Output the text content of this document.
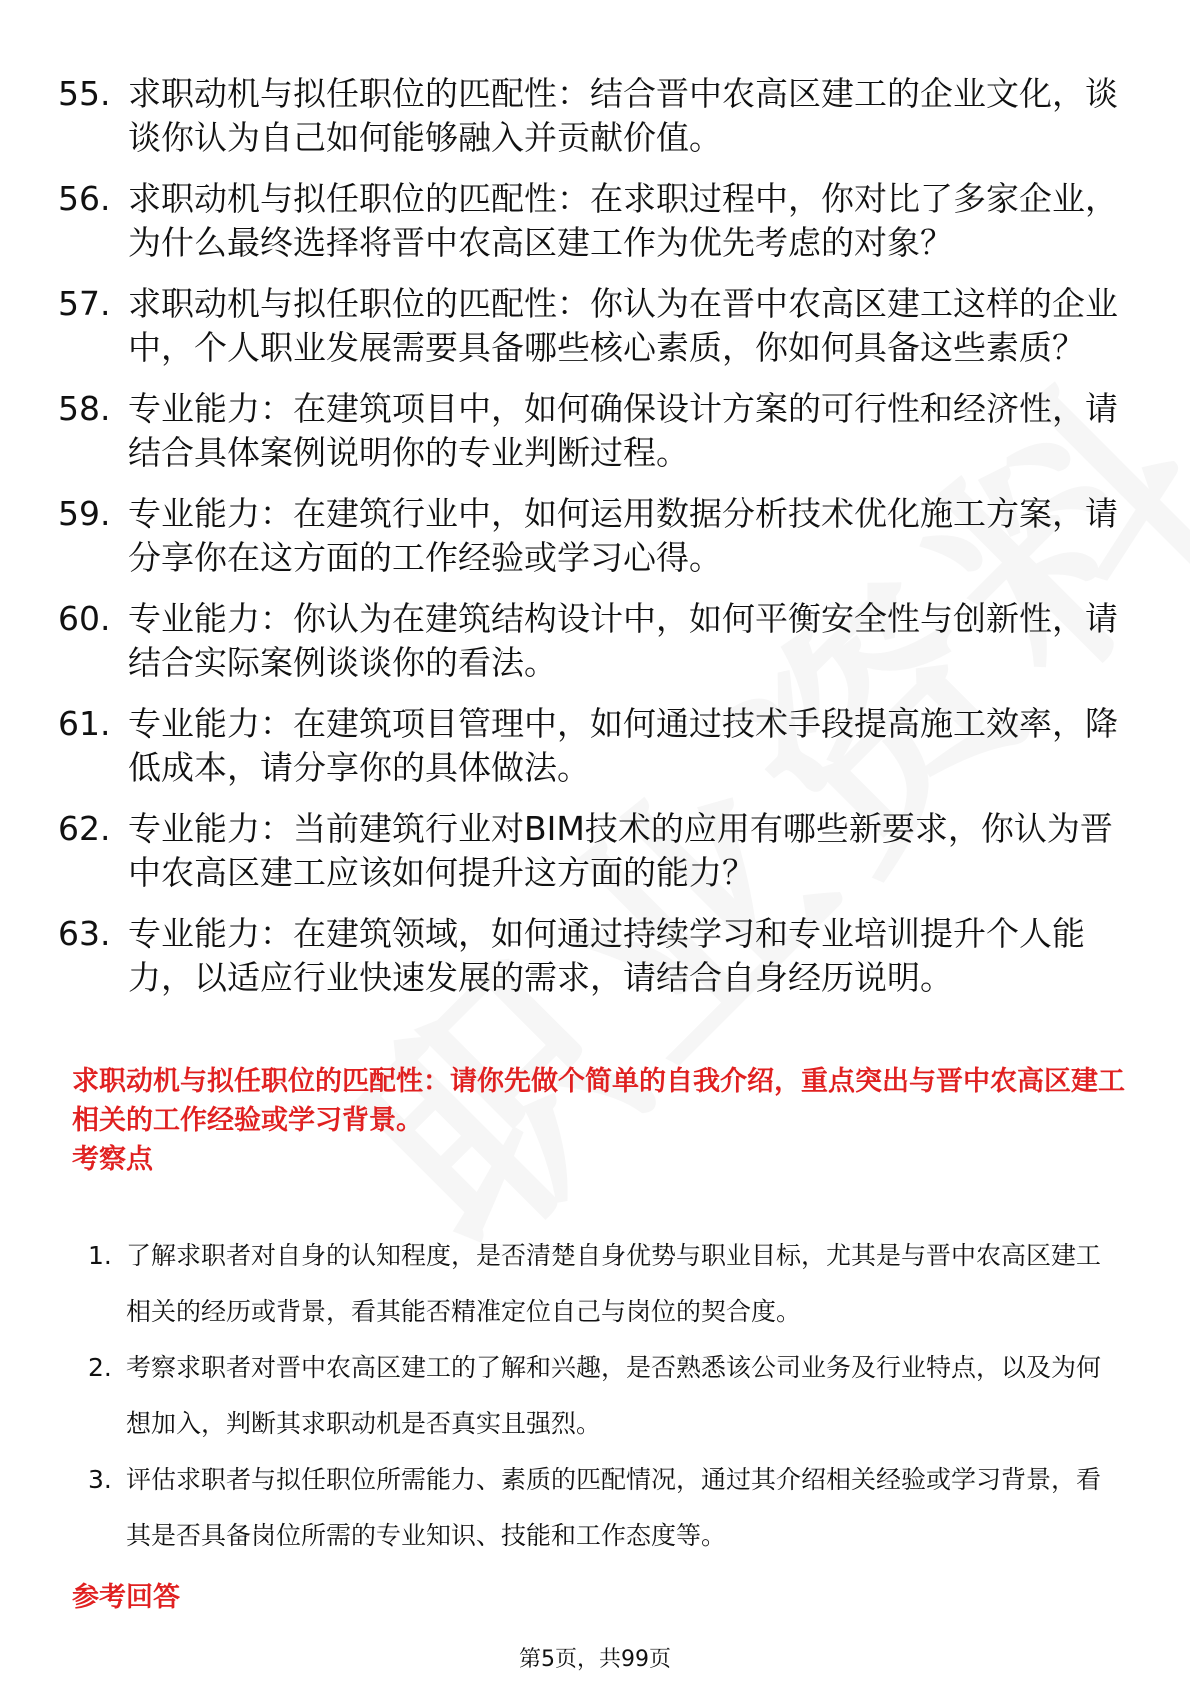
55. 求职动机与拟任职位的匹配性：结合晋中农高区建工的企业文化，谈谈你认为自己如何能够融入并贡献价值。
56. 求职动机与拟任职位的匹配性：在求职过程中，你对比了多家企业，为什么最终选择将晋中农高区建工作为优先考虑的对象？
57. 求职动机与拟任职位的匹配性：你认为在晋中农高区建工这样的企业中，个人职业发展需要具备哪些核心素质，你如何具备这些素质？
58. 专业能力：在建筑项目中，如何确保设计方案的可行性和经济性，请结合具体案例说明你的专业判断过程。
59. 专业能力：在建筑行业中，如何运用数据分析技术优化施工方案，请分享你在这方面的工作经验或学习心得。
60. 专业能力：你认为在建筑结构设计中，如何平衡安全性与创新性，请结合实际案例谈谈你的看法。
61. 专业能力：在建筑项目管理中，如何通过技术手段提高施工效率，降低成本，请分享你的具体做法。
62. 专业能力：当前建筑行业对BIM技术的应用有哪些新要求，你认为晋中农高区建工应该如何提升这方面的能力？
63. 专业能力：在建筑领域，如何通过持续学习和专业培训提升个人能力，以适应行业快速发展的需求，请结合自身经历说明。

求职动机与拟任职位的匹配性：请你先做个简单的自我介绍，重点突出与晋中农高区建工相关的工作经验或学习背景。

考察点

1. 了解求职者对自身的认知程度，是否清楚自身优势与职业目标，尤其是与晋中农高区建工相关的经历或背景，看其能否精准定位自己与岗位的契合度。
2. 考察求职者对晋中农高区建工的了解和兴趣，是否熟悉该公司业务及行业特点，以及为何想加入，判断其求职动机是否真实且强烈。
3. 评估求职者与拟任职位所需能力、素质的匹配情况，通过其介绍相关经验或学习背景，看其是否具备岗位所需的专业知识、技能和工作态度等。

参考回答

第5页，共99页
